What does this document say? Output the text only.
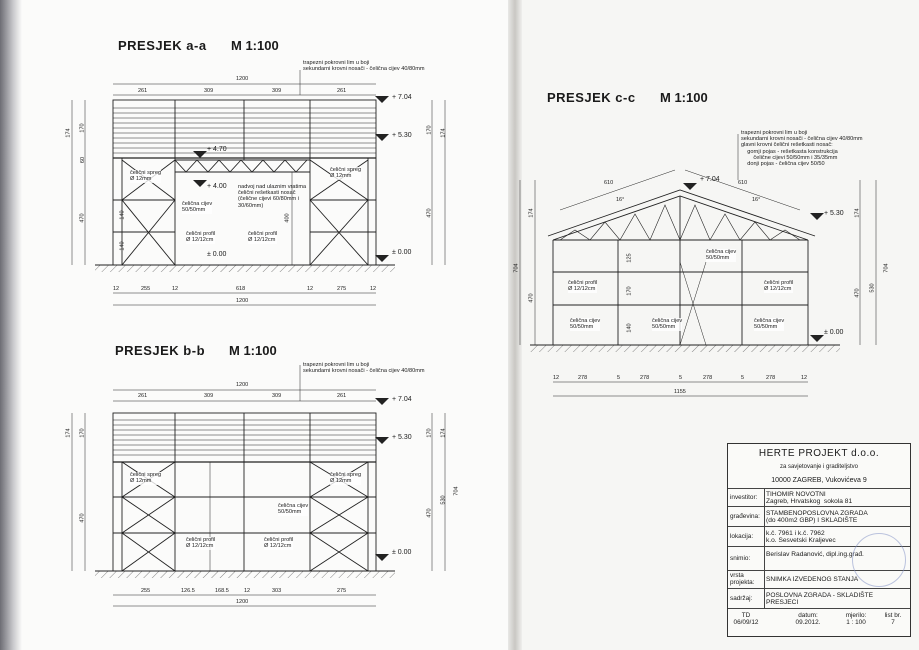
PRESJEK a-a M 1:100
PRESJEK b-b M 1:100
PRESJEK c-c M 1:100
trapezni pokrovni lim u boji
sekundarni krovni nosači - čelična cijev 40/80mm
trapezni pokrovni lim u boji
sekundarni krovni nosači - čelična cijev 40/80mm
trapezni pokrovni lim u boji
sekundarni krovni nosači - čelična cijev 40/80mm
glavni krovni čelični rešetkasti nosač:
gornji pojas - rešetkasta konstrukcija
čelične cijevi 50/50mm i 35/35mm
donji pojas - čelična cijev 50/50
nadvoj nad ulaznim vratima
čelični rešetkasti nosač
(čelične cijevi 60/80mm i
30/60mm)
čelični spreg
Ø 12mm
čelični spreg
Ø 12mm
čelična cijev
50/50mm
čelični profil
Ø 12/12cm
čelični profil
Ø 12/12cm
čelični spreg
Ø 12mm
čelični spreg
Ø 12mm
čelična cijev
50/50mm
čelični profil
Ø 12/12cm
čelični profil
Ø 12/12cm
čelična cijev
50/50mm
čelični profil
Ø 12/12cm
čelični profil
Ø 12/12cm
čelična cijev
50/50mm
čelična cijev
50/50mm
čelična cijev
50/50mm
+ 7.04
+ 5.30
+ 4.70
+ 4.00
± 0.00	± 0.00
+ 7.04
+ 5.30
± 0.00
+ 7.04
+ 5.30
± 0.00
1200
261	309	309	261
12	255	12	618	12	275	12
1200
1200
261	309	309	261
255	126.5	168.5	12	303	275
1200
12	278	5	278	5	278	5	278	12
1155
610	610
16°	16°
174
170
60
470
170 174
470
140
140
400
174 170
470
170 174
470
530
704
704
174
470
125
170
140
174
470
530
704
HERTE PROJEKT d.o.o.
za savjetovanje i graditeljstvo
10000 ZAGREB, Vukovićeva 9
investitor: TIHOMIR NOVOTNI
Zagreb, Hrvatskog  sokola 81
građevina: STAMBENOPOSLOVNA ZGRADA
(do 400m2 GBP) I SKLADIŠTE
lokacija: k.č. 7961 i k.č. 7962
k.o. Sesvetski Kraljevec
snimio:
Berislav Radanović, dipl.ing.građ.
vrsta
projekta: SNIMKA IZVEDENOG STANJA
sadržaj: POSLOVNA ZGRADA - SKLADIŠTE
PRESJECI
TD
06/09/12
datum:
09.2012.
mjerilo:
1 : 100
list br.
7
